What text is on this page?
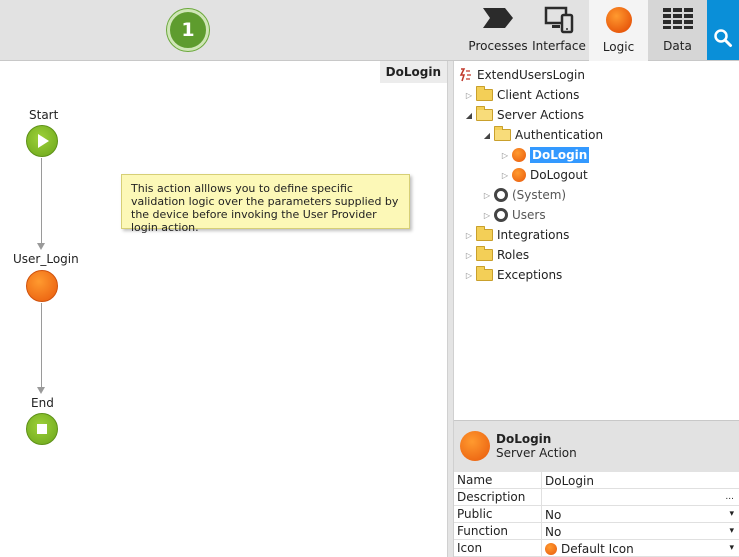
1
Processes Interface Logic Data
DoLogin
Start
User_Login
End
This action alllows you to define specific validation logic over the parameters supplied by the device before invoking the User Provider login action.
ExtendUsersLogin
▷ Client Actions
◢ Server Actions
◢ Authentication
▷ DoLogin
▷ DoLogout
▷ (System)
▷ Users
▷ Integrations
▷ Roles
▷ Exceptions
DoLogin
Server Action
Name	DoLogin
Description	...
Public	No	▾
Function	No	▾
Icon	Default Icon	▾
